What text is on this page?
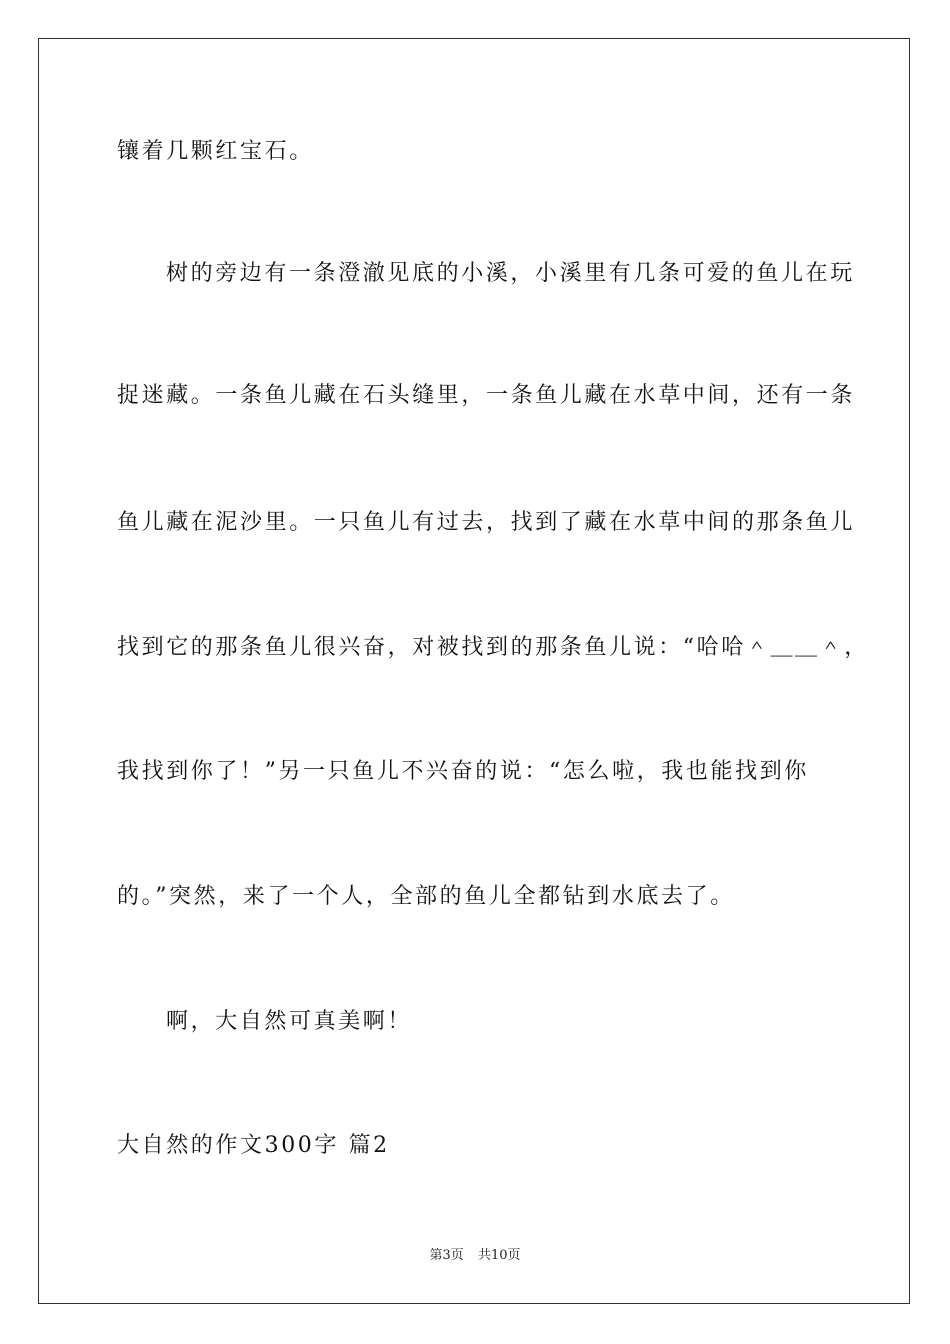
镶着几颗红宝石。
树的旁边有一条澄澈见底的小溪，小溪里有几条可爱的鱼儿在玩
捉迷藏。一条鱼儿藏在石头缝里，一条鱼儿藏在水草中间，还有一条
鱼儿藏在泥沙里。一只鱼儿有过去，找到了藏在水草中间的那条鱼儿
找到它的那条鱼儿很兴奋，对被找到的那条鱼儿说：“哈哈＾＿＿＾，
我找到你了！”另一只鱼儿不兴奋的说：“怎么啦，我也能找到你
的。”突然，来了一个人，全部的鱼儿全都钻到水底去了。
啊，大自然可真美啊！
大自然的作文300字 篇2
第3页 共10页
